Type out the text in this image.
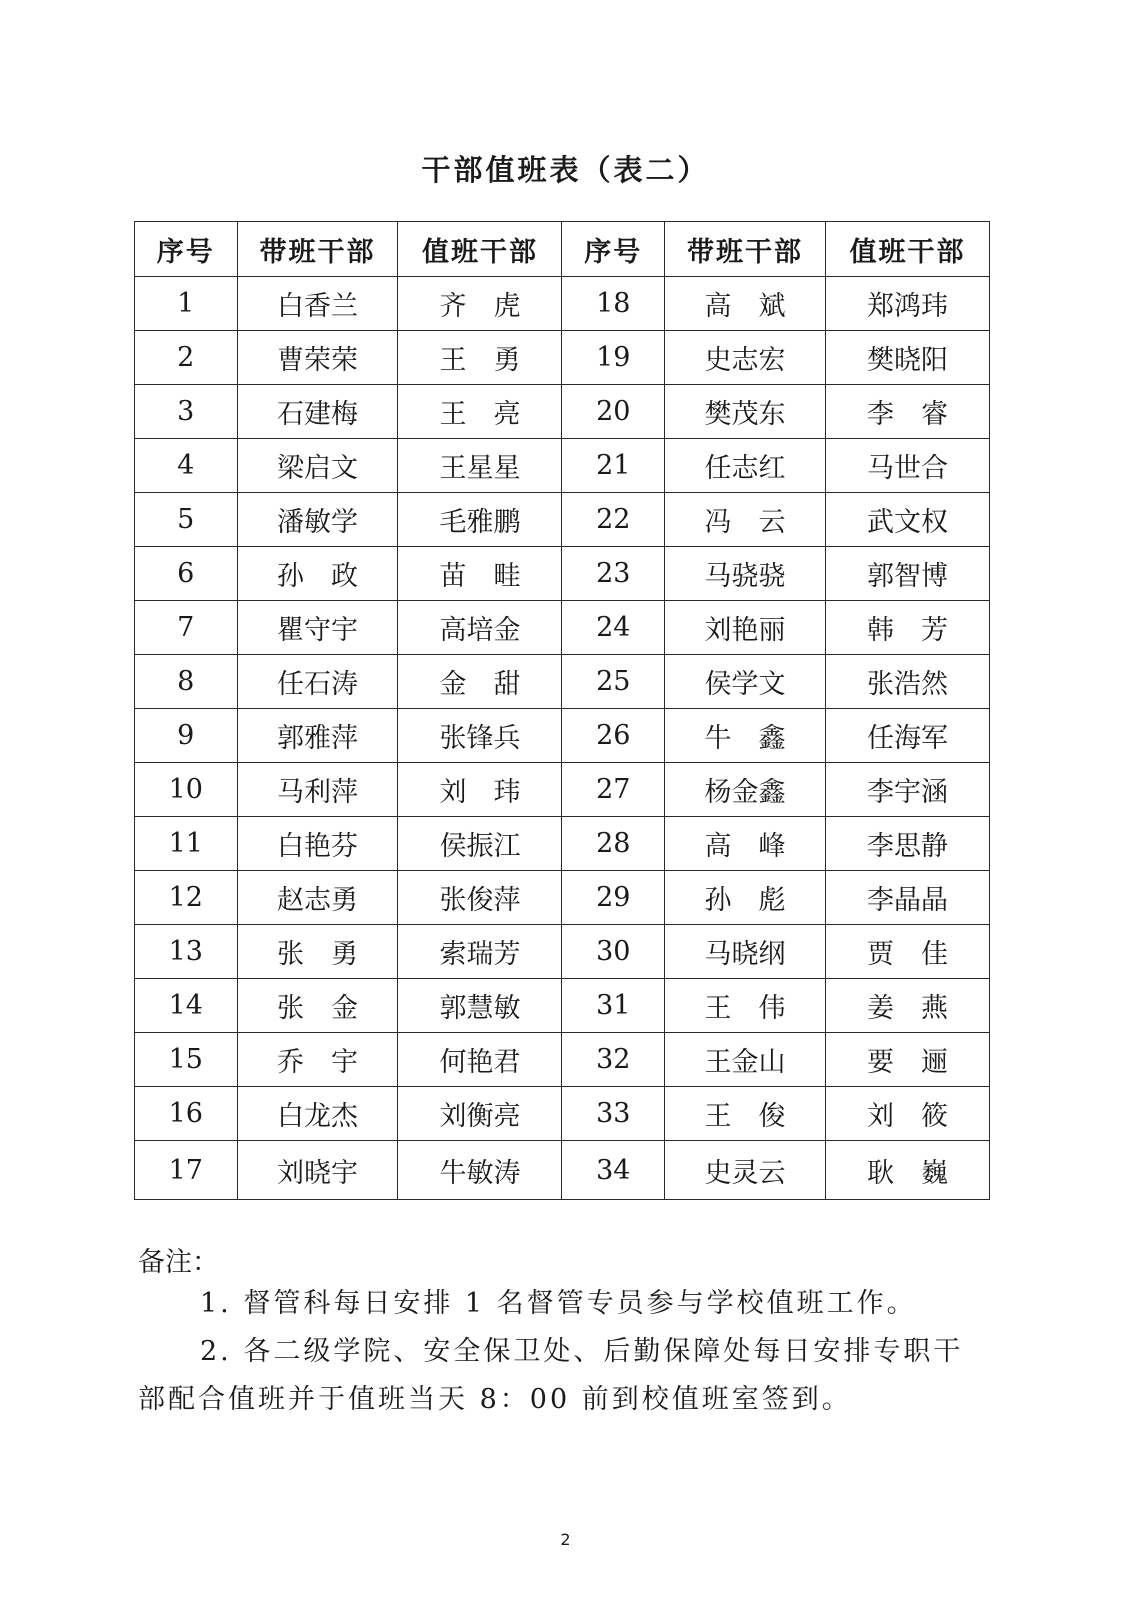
干部值班表（表二）
序号	带班干部	值班干部	序号	带班干部	值班干部
1	白香兰	齐　虎	18	高　斌	郑鸿玮
2	曹荣荣	王　勇	19	史志宏	樊晓阳
3	石建梅	王　亮	20	樊茂东	李　睿
4	梁启文	王星星	21	任志红	马世合
5	潘敏学	毛雅鹏	22	冯　云	武文权
6	孙　政	苗　畦	23	马骁骁	郭智博
7	瞿守宇	高培金	24	刘艳丽	韩　芳
8	任石涛	金　甜	25	侯学文	张浩然
9	郭雅萍	张锋兵	26	牛　鑫	任海军
10	马利萍	刘　玮	27	杨金鑫	李宇涵
11	白艳芬	侯振江	28	高　峰	李思静
12	赵志勇	张俊萍	29	孙　彪	李晶晶
13	张　勇	索瑞芳	30	马晓纲	贾　佳
14	张　金	郭慧敏	31	王　伟	姜　燕
15	乔　宇	何艳君	32	王金山	要　逦
16	白龙杰	刘衡亮	33	王　俊	刘　筱
17	刘晓宇	牛敏涛	34	史灵云	耿　巍
备注：
1. 督管科每日安排 1 名督管专员参与学校值班工作。
2. 各二级学院、安全保卫处、后勤保障处每日安排专职干部配合值班并于值班当天 8：00 前到校值班室签到。
2
